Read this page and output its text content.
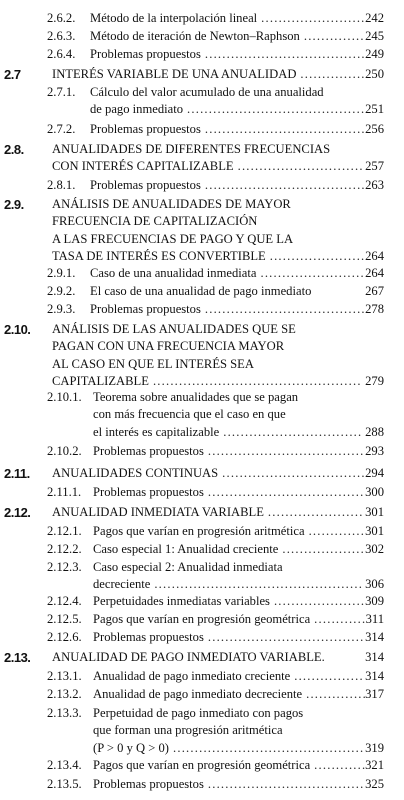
2.6.2. Método de la interpolación lineal	242
........................
2.6.3. Método de iteración de Newton–Raphson	245
..............
2.6.4. Problemas propuestos	249
.....................................
2.7 INTERÉS VARIABLE DE UNA ANUALIDAD	250
...............
2.7.1. Cálculo del valor acumulado de una anualidad
de pago inmediato	251
.........................................
2.7.2. Problemas propuestos	256
.....................................
2.8. ANUALIDADES DE DIFERENTES FRECUENCIAS
CON INTERÉS CAPITALIZABLE	257
.............................
2.8.1. Problemas propuestos	263
.....................................
2.9. ANÁLISIS DE ANUALIDADES DE MAYOR
FRECUENCIA DE CAPITALIZACIÓN
A LAS FRECUENCIAS DE PAGO Y QUE LA
TASA DE INTERÉS ES CONVERTIBLE	264
......................
2.9.1. Caso de una anualidad inmediata	264
........................
2.9.2. El caso de una anualidad de pago inmediato	267
2.9.3. Problemas propuestos	278
.....................................
2.10. ANÁLISIS DE LAS ANUALIDADES QUE SE
PAGAN CON UNA FRECUENCIA MAYOR
AL CASO EN QUE EL INTERÉS SEA
CAPITALIZABLE	279
................................................
2.10.1. Teorema sobre anualidades que se pagan
con más frecuencia que el caso en que
el interés es capitalizable	288
................................
2.10.2. Problemas propuestos	293
....................................
2.11. ANUALIDADES CONTINUAS	294
.................................
2.11.1. Problemas propuestos	300
....................................
2.12. ANUALIDAD INMEDIATA VARIABLE	301
......................
2.12.1. Pagos que varían en progresión aritmética	301
.............
2.12.2. Caso especial 1: Anualidad creciente	302
...................
2.12.3. Caso especial 2: Anualidad inmediata
decreciente	306
................................................
2.12.4. Perpetuidades inmediatas variables	309
.....................
2.12.5. Pagos que varían en progresión geométrica	311
............
2.12.6. Problemas propuestos	314
....................................
2.13. ANUALIDAD DE PAGO INMEDIATO VARIABLE.	314
2.13.1. Anualidad de pago inmediato creciente	314
................
2.13.2. Anualidad de pago inmediato decreciente	317
..............
2.13.3. Perpetuidad de pago inmediato con pagos
que forman una progresión aritmética
(P > 0 y Q > 0)	319
............................................
2.13.4. Pagos que varían en progresión geométrica	321
............
2.13.5. Problemas propuestos	325
....................................
